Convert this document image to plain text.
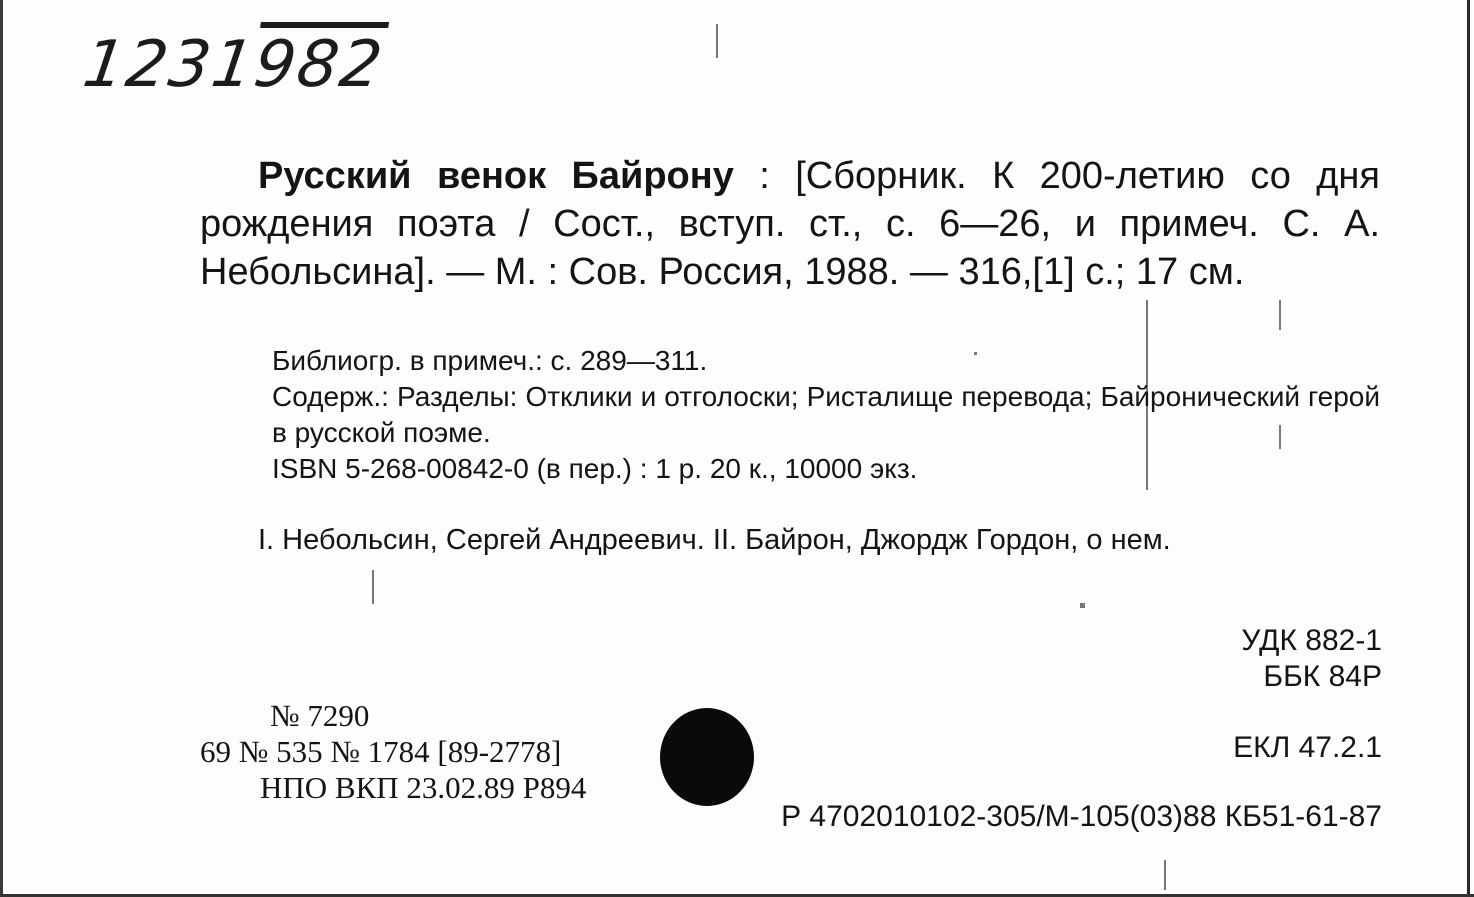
1231982
Русский венок Байрону : [Сборник. К 200-летию со дня рождения поэта / Сост., вступ. ст., с. 6—26, и примеч. С. А. Небольсина]. — М. : Сов. Россия, 1988. — 316,[1] с.; 17 см.

Библиогр. в примеч.: с. 289—311.

Содерж.: Разделы: Отклики и отголоски; Ристалище перевода; Байронический герой в русской поэме.

ISBN 5-268-00842-0 (в пер.) : 1 р. 20 к., 10000 экз.

I. Небольсин, Сергей Андреевич. II. Байрон, Джордж Гордон, о нем.
УДК 882-1
ББК 84Р
ЕКЛ 47.2.1
№ 7290
69 № 535 № 1784 [89-2778]
НПО ВКП 23.02.89 Р894
Р 4702010102-305/М-105(03)88 КБ51-61-87
